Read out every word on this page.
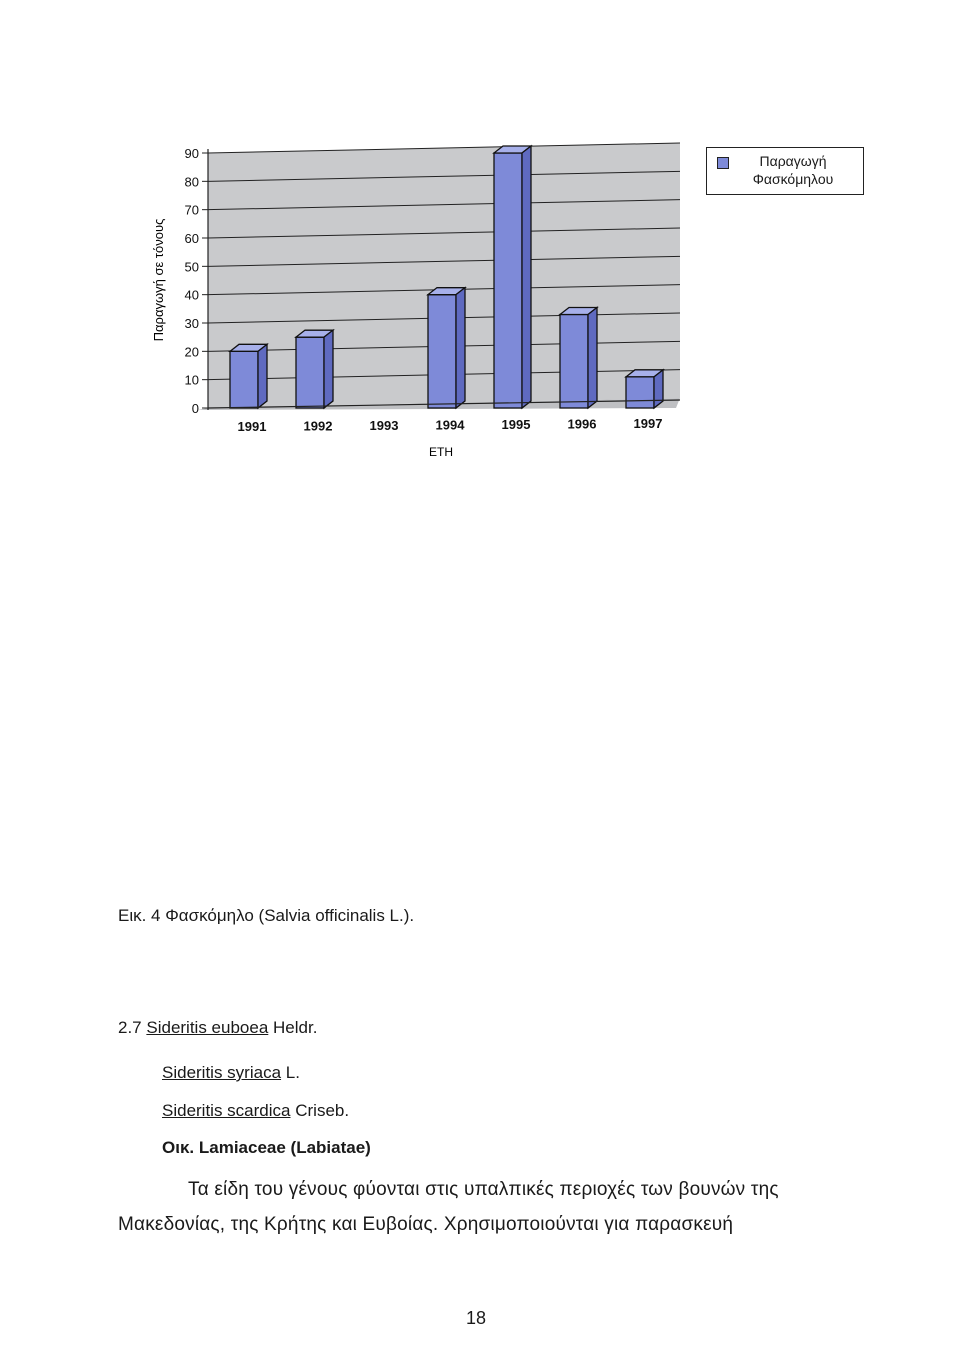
0
10
20
30
40
50
60
70
80
90
1991	1992	1993	1994	1995	1996	1997
ΕΤΗ
Παραγωγή σε τόνους
Παραγωγή
Φασκόμηλου
Εικ. 4 Φασκόμηλο (Salvia officinalis L.).
2.7 Sideritis euboea Heldr.
Sideritis syriaca L.
Sideritis scardica Criseb.
Οικ. Lamiaceae (Labiatae)
Τα είδη του γένους φύονται στις υπαλπικές περιοχές των βουνών της
Μακεδονίας, της Κρήτης και Ευβοίας. Χρησιμοποιούνται για παρασκευή
18
